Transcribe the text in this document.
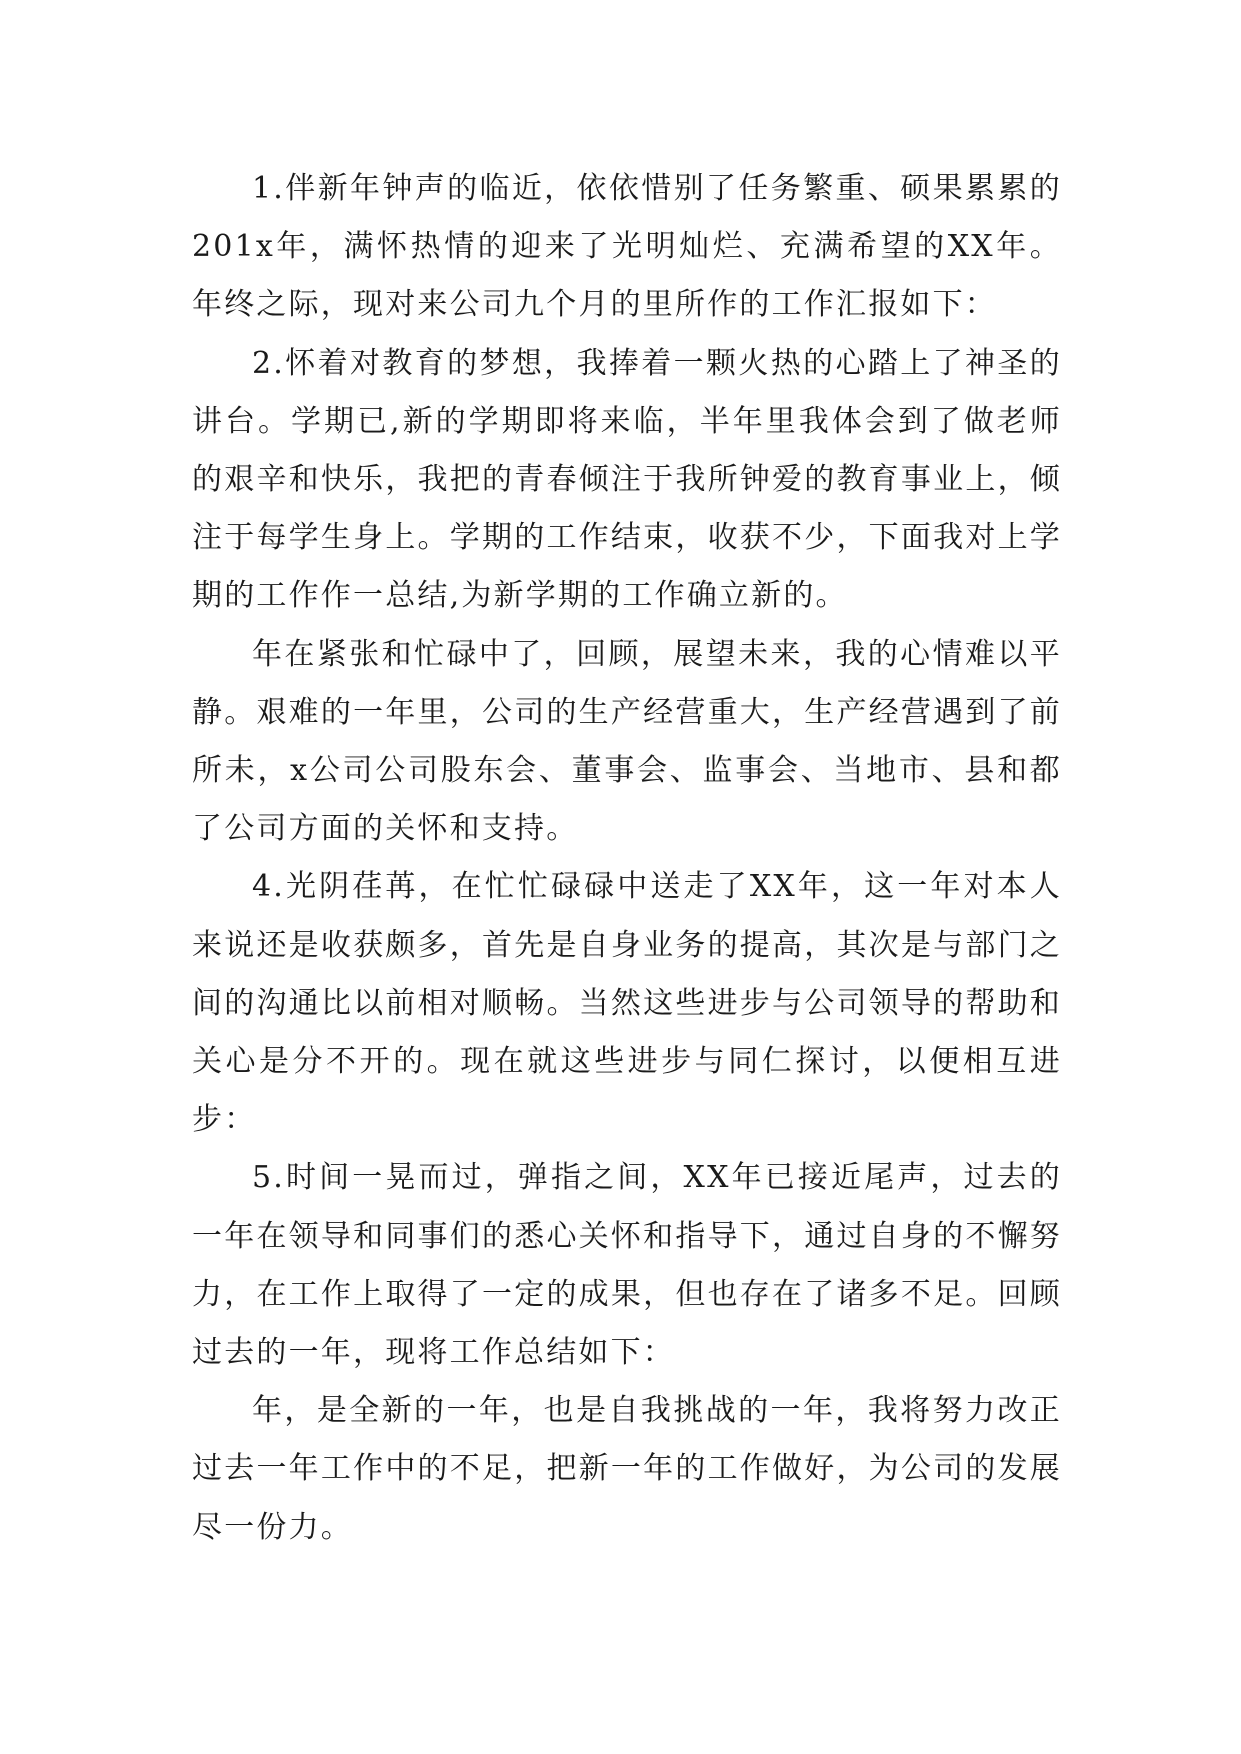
1.伴新年钟声的临近，依依惜别了任务繁重、硕果累累的201x年，满怀热情的迎来了光明灿烂、充满希望的XX年。年终之际，现对来公司九个月的里所作的工作汇报如下：

2.怀着对教育的梦想，我捧着一颗火热的心踏上了神圣的讲台。学期已,新的学期即将来临，半年里我体会到了做老师的艰辛和快乐，我把的青春倾注于我所钟爱的教育事业上，倾注于每学生身上。学期的工作结束，收获不少，下面我对上学期的工作作一总结,为新学期的工作确立新的。

年在紧张和忙碌中了，回顾，展望未来，我的心情难以平静。艰难的一年里，公司的生产经营重大，生产经营遇到了前所未，x公司公司股东会、董事会、监事会、当地市、县和都了公司方面的关怀和支持。

4.光阴荏苒，在忙忙碌碌中送走了XX年，这一年对本人来说还是收获颇多，首先是自身业务的提高，其次是与部门之间的沟通比以前相对顺畅。当然这些进步与公司领导的帮助和关心是分不开的。现在就这些进步与同仁探讨，以便相互进步：

5.时间一晃而过，弹指之间，XX年已接近尾声，过去的一年在领导和同事们的悉心关怀和指导下，通过自身的不懈努力，在工作上取得了一定的成果，但也存在了诸多不足。回顾过去的一年，现将工作总结如下：

年，是全新的一年，也是自我挑战的一年，我将努力改正过去一年工作中的不足，把新一年的工作做好，为公司的发展尽一份力。
